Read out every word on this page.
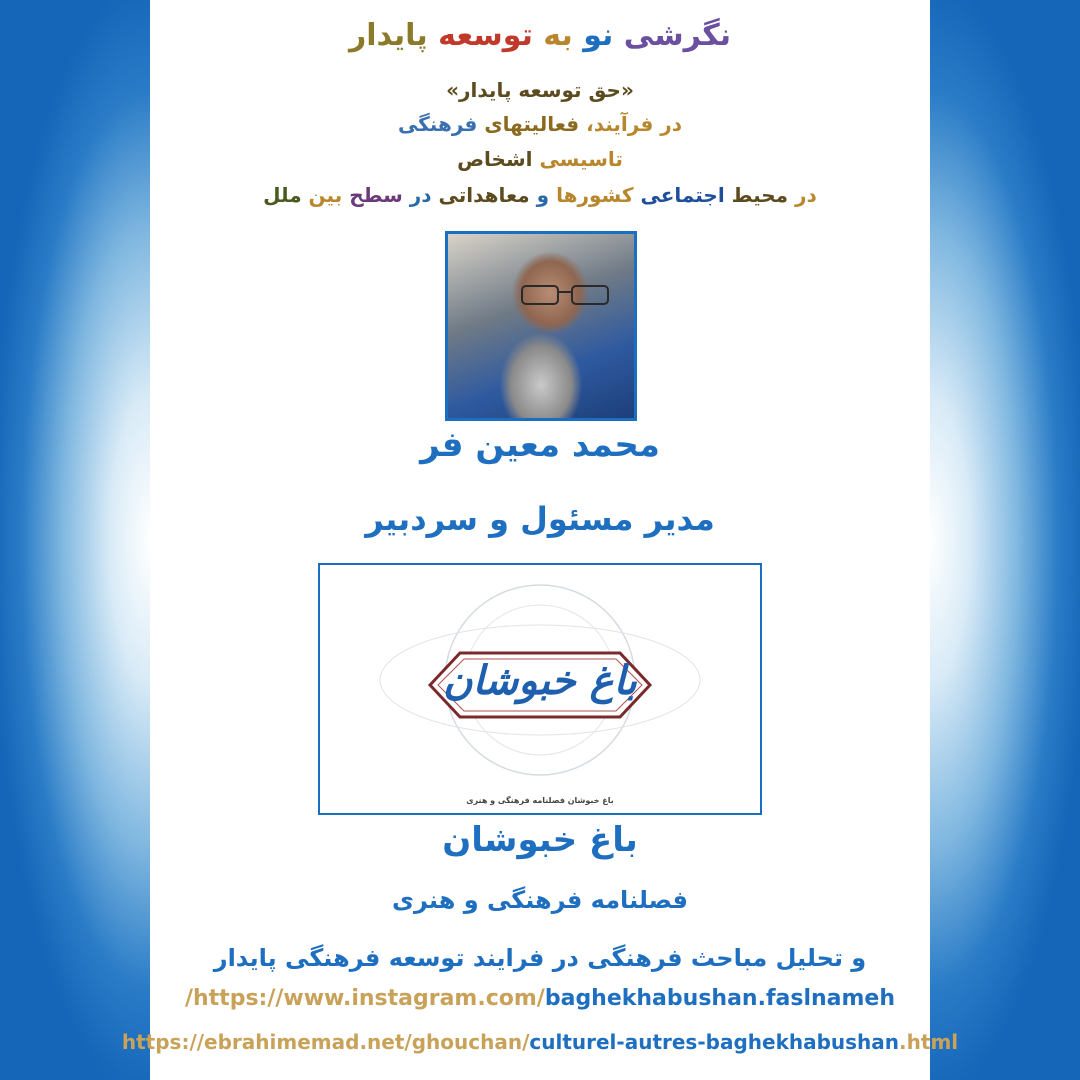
نگرشی نو به توسعه پایدار
«حق توسعه پایدار»
در فرآیند، فعالیتهای فرهنگی
تاسیسی اشخاص
در محیط اجتماعی کشورها و معاهداتی در سطح بین ملل
محمد معین فر
مدیر مسئول و سردبیر
باغ خبوشان
باغ خبوشان فصلنامه فرهنگی و هنری
باغ خبوشان
فصلنامه فرهنگی و هنری
و تحلیل مباحث فرهنگی در فرایند توسعه فرهنگی پایدار
/https://www.instagram.com/baghekhabushan.faslnameh
https://ebrahimemad.net/ghouchan/culturel-autres-baghekhabushan.html
